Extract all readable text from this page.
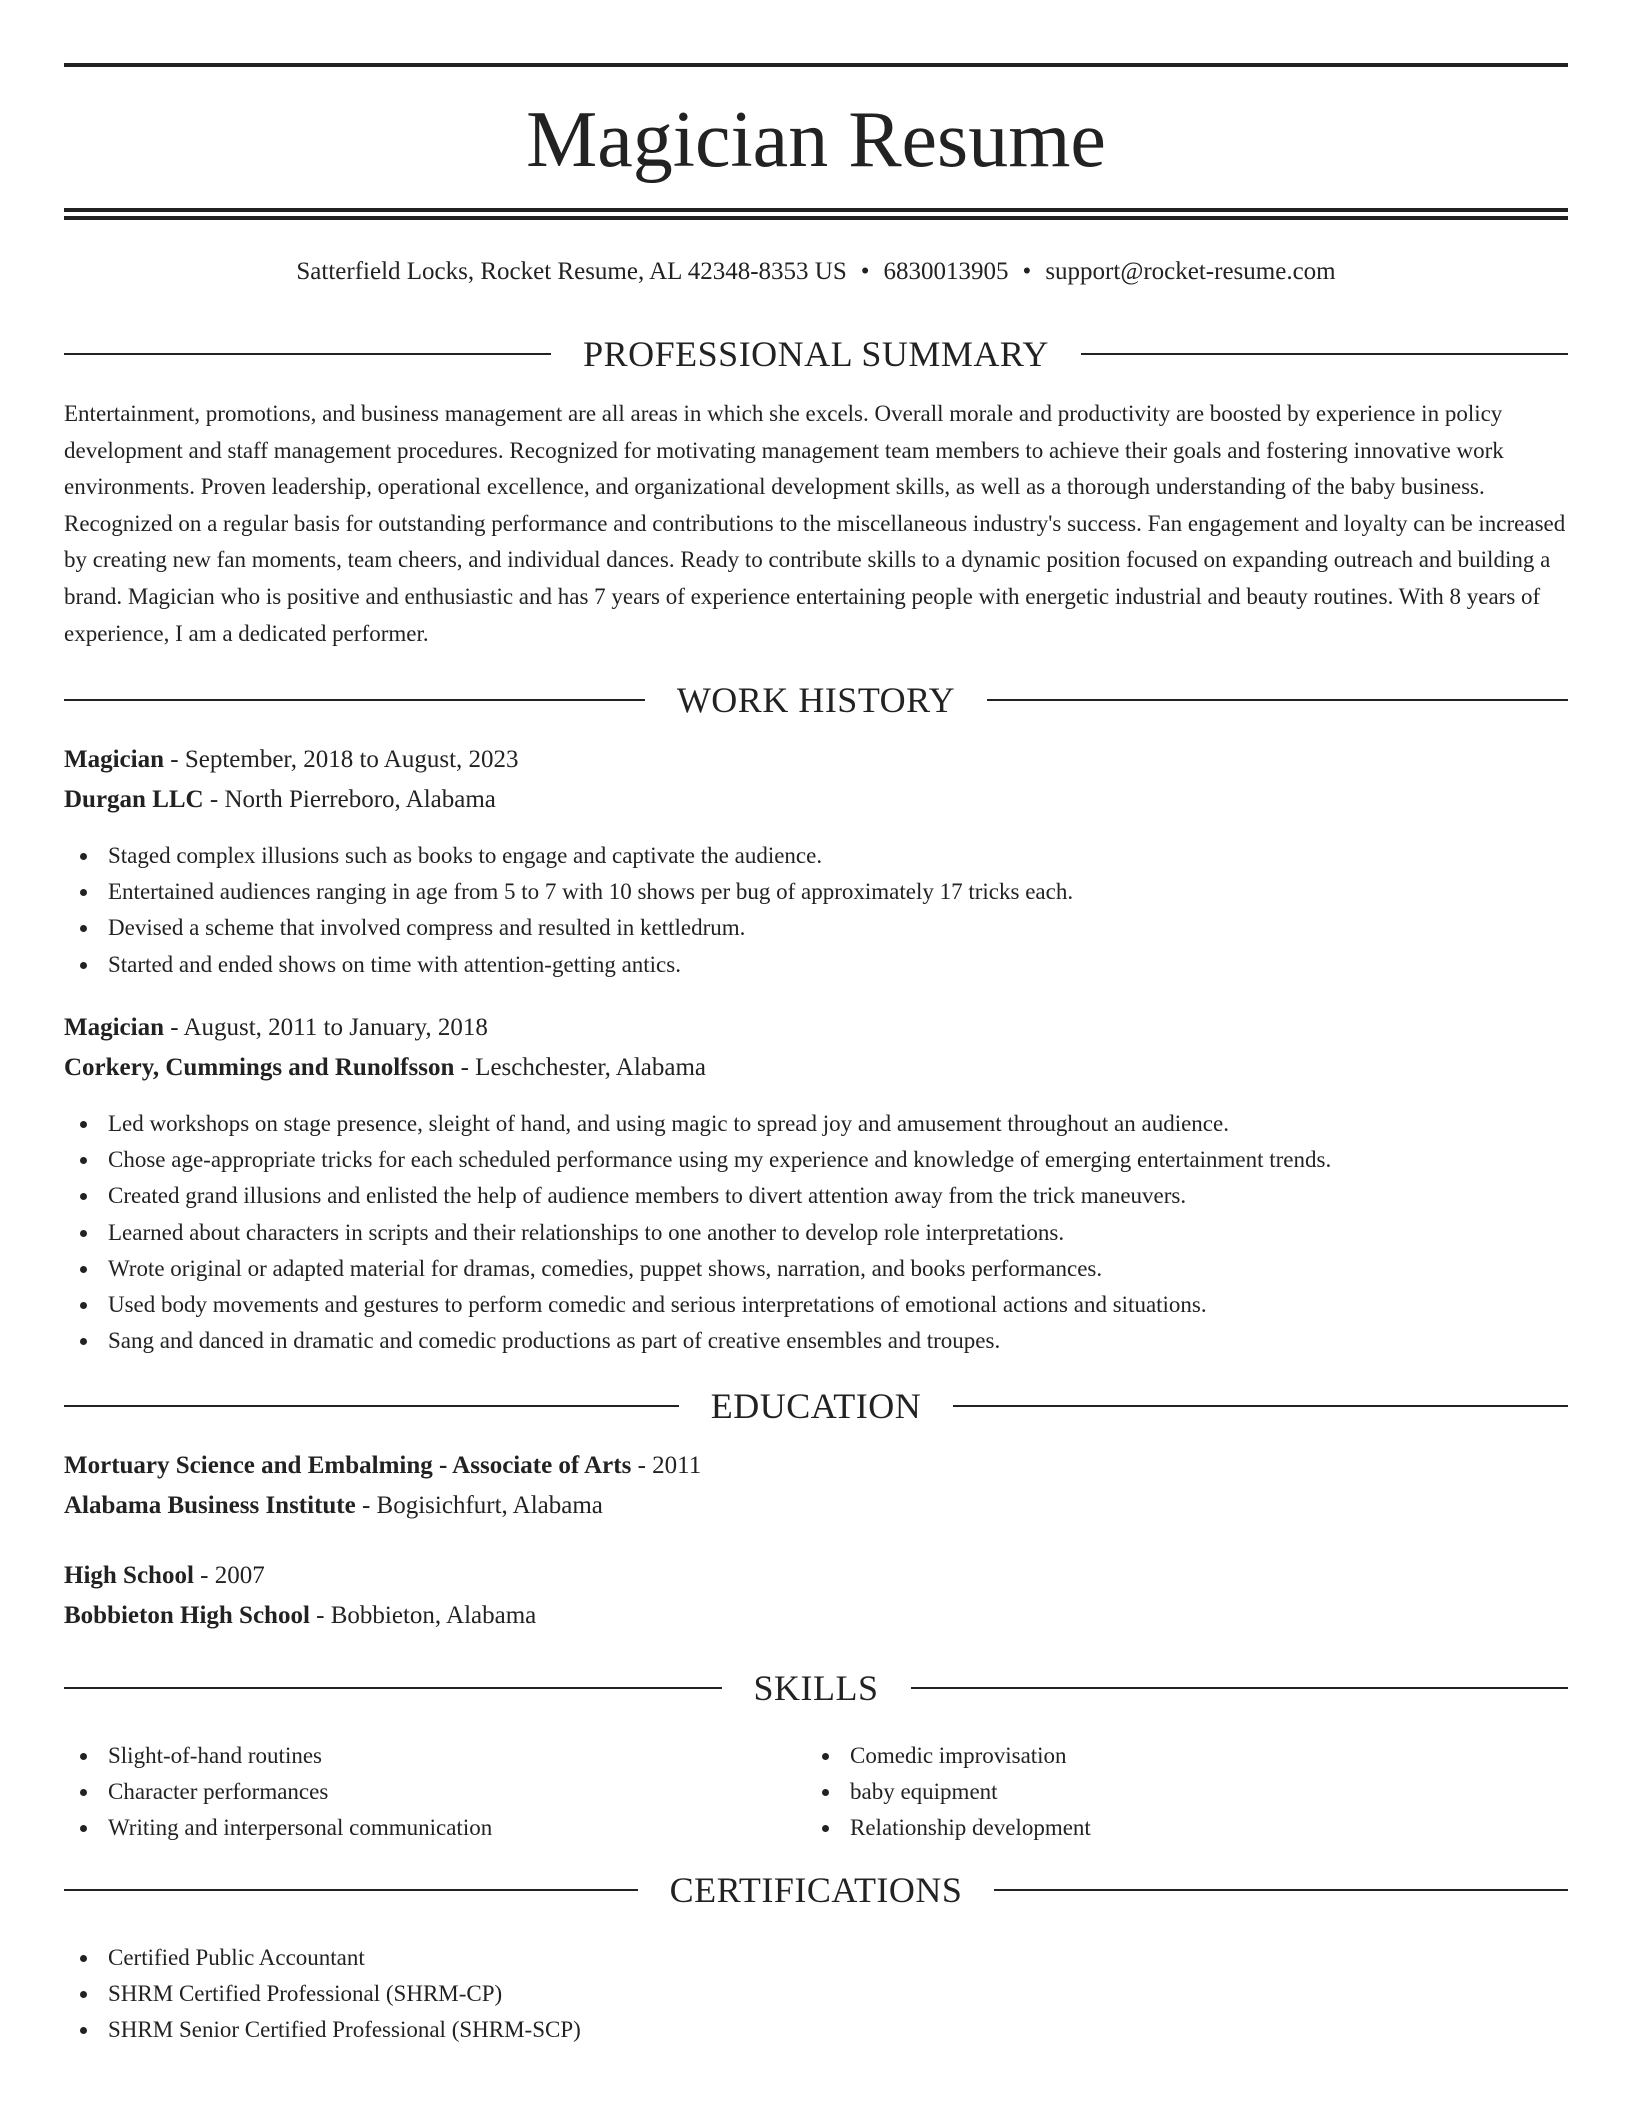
Magician Resume
Satterfield Locks, Rocket Resume, AL 42348-8353 US • 6830013905 • support@rocket-resume.com
PROFESSIONAL SUMMARY
Entertainment, promotions, and business management are all areas in which she excels. Overall morale and productivity are boosted by experience in policy development and staff management procedures. Recognized for motivating management team members to achieve their goals and fostering innovative work environments. Proven leadership, operational excellence, and organizational development skills, as well as a thorough understanding of the baby business. Recognized on a regular basis for outstanding performance and contributions to the miscellaneous industry's success. Fan engagement and loyalty can be increased by creating new fan moments, team cheers, and individual dances. Ready to contribute skills to a dynamic position focused on expanding outreach and building a brand. Magician who is positive and enthusiastic and has 7 years of experience entertaining people with energetic industrial and beauty routines. With 8 years of experience, I am a dedicated performer.
WORK HISTORY
Magician - September, 2018 to August, 2023
Durgan LLC - North Pierreboro, Alabama
Staged complex illusions such as books to engage and captivate the audience.
Entertained audiences ranging in age from 5 to 7 with 10 shows per bug of approximately 17 tricks each.
Devised a scheme that involved compress and resulted in kettledrum.
Started and ended shows on time with attention-getting antics.
Magician - August, 2011 to January, 2018
Corkery, Cummings and Runolfsson - Leschchester, Alabama
Led workshops on stage presence, sleight of hand, and using magic to spread joy and amusement throughout an audience.
Chose age-appropriate tricks for each scheduled performance using my experience and knowledge of emerging entertainment trends.
Created grand illusions and enlisted the help of audience members to divert attention away from the trick maneuvers.
Learned about characters in scripts and their relationships to one another to develop role interpretations.
Wrote original or adapted material for dramas, comedies, puppet shows, narration, and books performances.
Used body movements and gestures to perform comedic and serious interpretations of emotional actions and situations.
Sang and danced in dramatic and comedic productions as part of creative ensembles and troupes.
EDUCATION
Mortuary Science and Embalming - Associate of Arts - 2011
Alabama Business Institute - Bogisichfurt, Alabama
High School - 2007
Bobbieton High School - Bobbieton, Alabama
SKILLS
Slight-of-hand routines
Character performances
Writing and interpersonal communication
Comedic improvisation
baby equipment
Relationship development
CERTIFICATIONS
Certified Public Accountant
SHRM Certified Professional (SHRM-CP)
SHRM Senior Certified Professional (SHRM-SCP)
